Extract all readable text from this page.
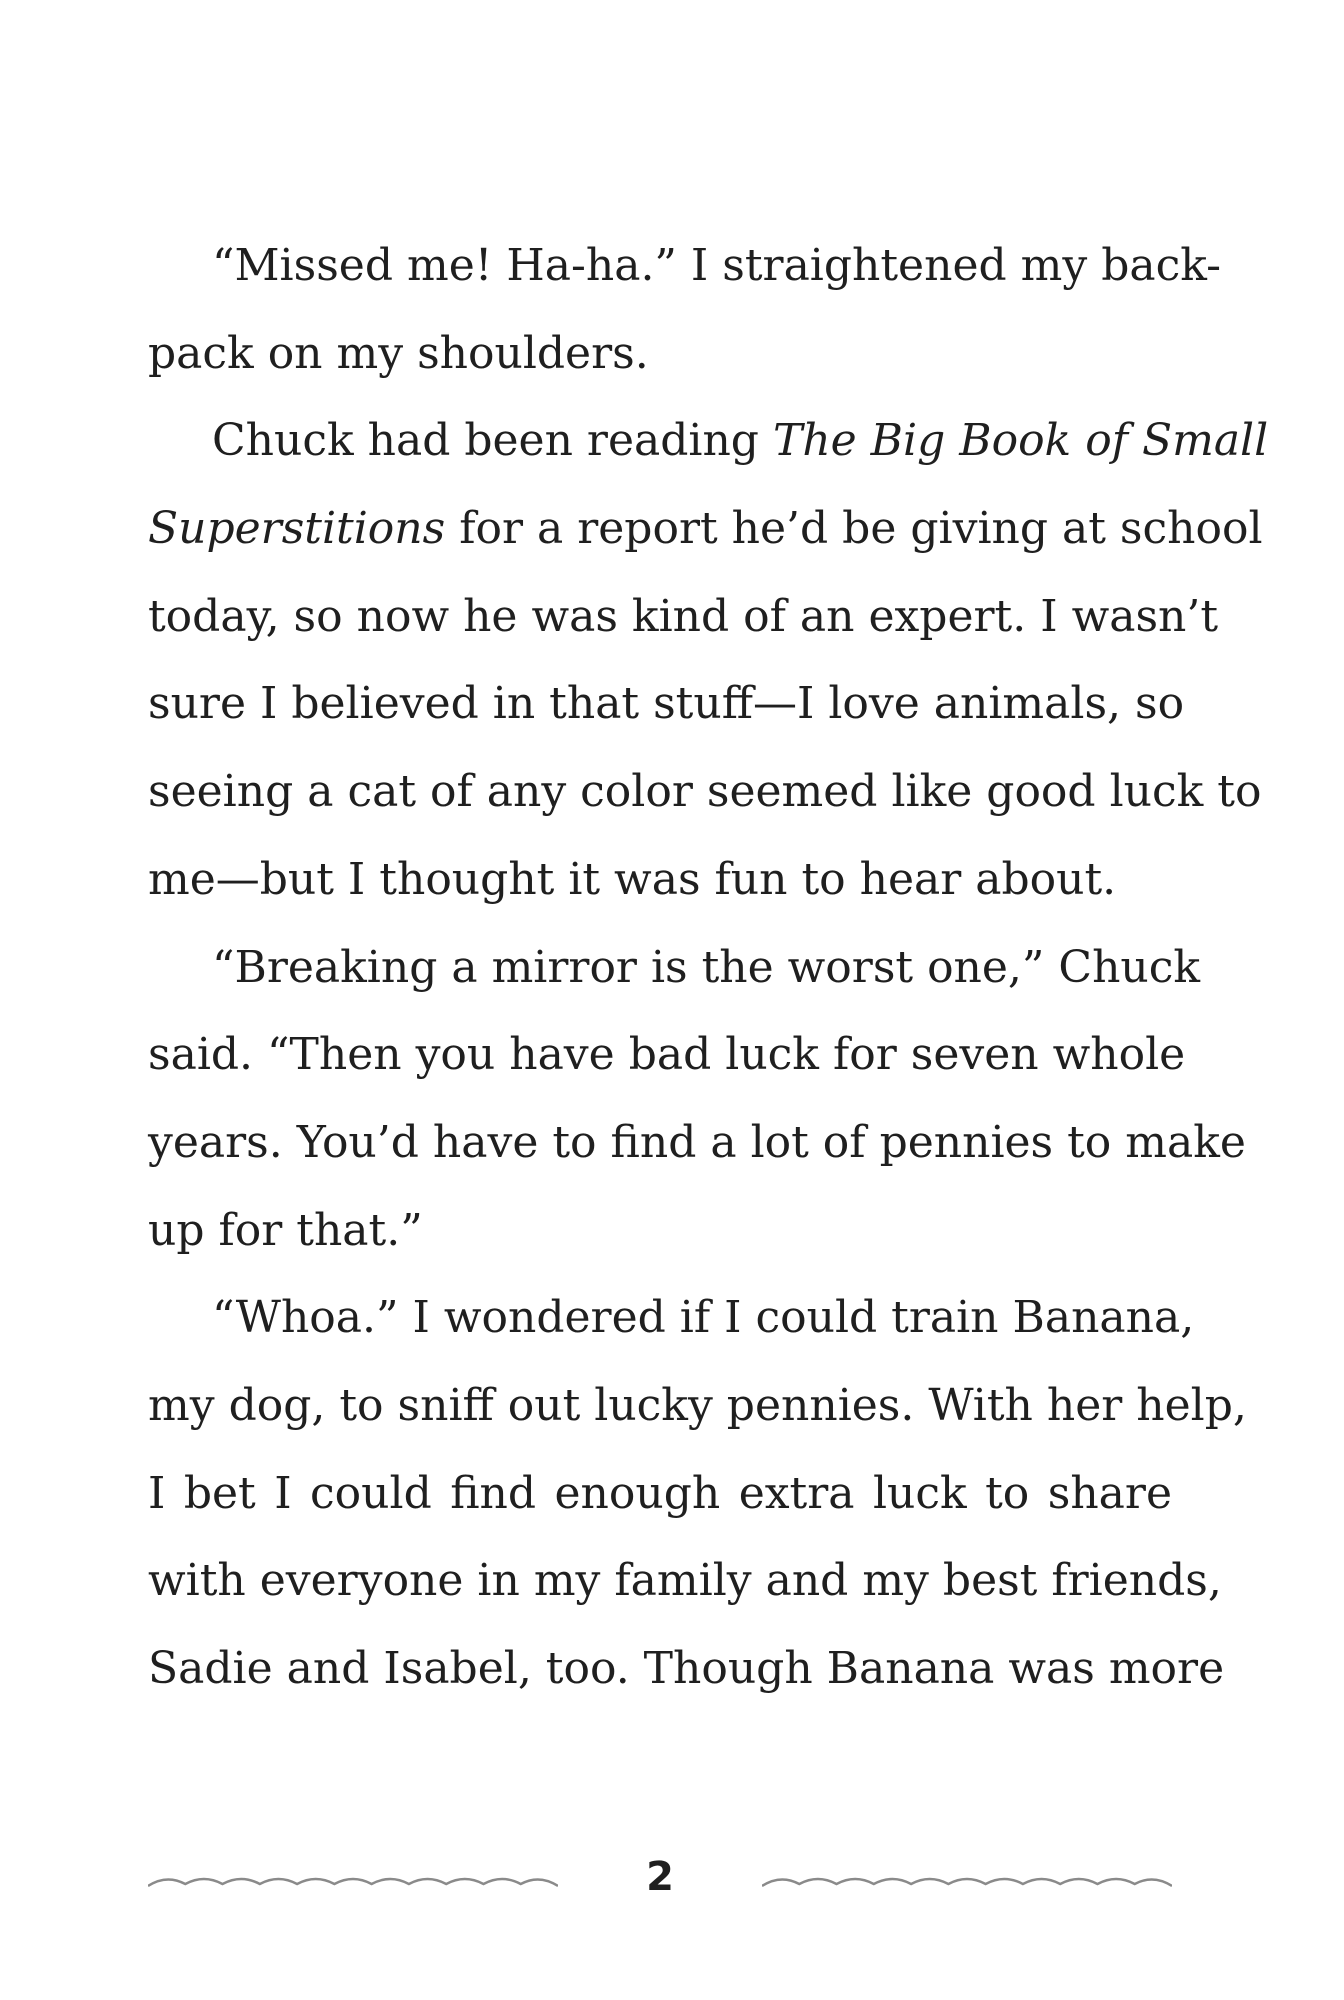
“Missed me! Ha-ha.” I straightened my back-
pack on my shoulders.
Chuck had been reading The Big Book of Small
Superstitions for a report he’d be giving at school
today, so now he was kind of an expert. I wasn’t
sure I believed in that stuff—I love animals, so
seeing a cat of any color seemed like good luck to
me—but I thought it was fun to hear about.
“Breaking a mirror is the worst one,” Chuck
said. “Then you have bad luck for seven whole
years. You’d have to find a lot of pennies to make
up for that.”
“Whoa.” I wondered if I could train Banana,
my dog, to sniff out lucky pennies. With her help,
I bet I could find enough extra luck to share
with everyone in my family and my best friends,
Sadie and Isabel, too. Though Banana was more
2
